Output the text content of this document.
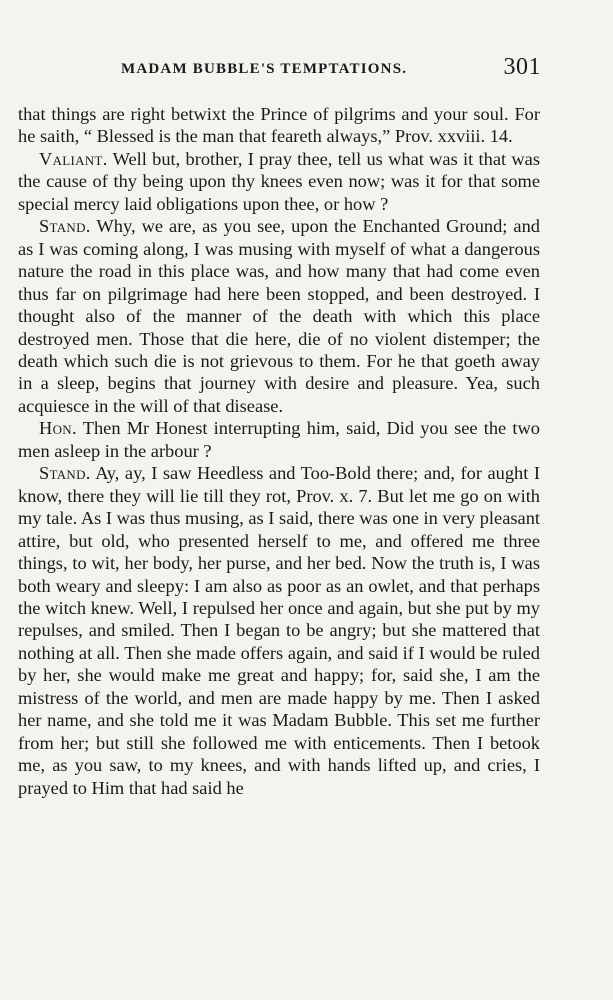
MADAM BUBBLE'S TEMPTATIONS.	301

that things are right betwixt the Prince of pilgrims and your soul. For he saith, “ Blessed is the man that feareth always,” Prov. xxviii. 14.

Valiant. Well but, brother, I pray thee, tell us what was it that was the cause of thy being upon thy knees even now; was it for that some special mercy laid obligations upon thee, or how ?

Stand. Why, we are, as you see, upon the Enchanted Ground; and as I was coming along, I was musing with myself of what a dangerous nature the road in this place was, and how many that had come even thus far on pilgrimage had here been stopped, and been destroyed. I thought also of the manner of the death with which this place destroyed men. Those that die here, die of no violent distemper; the death which such die is not grievous to them. For he that goeth away in a sleep, begins that journey with desire and pleasure. Yea, such acquiesce in the will of that disease.

Hon. Then Mr Honest interrupting him, said, Did you see the two men asleep in the arbour ?

Stand. Ay, ay, I saw Heedless and Too-Bold there; and, for aught I know, there they will lie till they rot, Prov. x. 7. But let me go on with my tale. As I was thus musing, as I said, there was one in very pleasant attire, but old, who presented herself to me, and offered me three things, to wit, her body, her purse, and her bed. Now the truth is, I was both weary and sleepy: I am also as poor as an owlet, and that perhaps the witch knew. Well, I repulsed her once and again, but she put by my repulses, and smiled. Then I began to be angry; but she mattered that nothing at all. Then she made offers again, and said if I would be ruled by her, she would make me great and happy; for, said she, I am the mistress of the world, and men are made happy by me. Then I asked her name, and she told me it was Madam Bubble. This set me further from her; but still she followed me with enticements. Then I betook me, as you saw, to my knees, and with hands lifted up, and cries, I prayed to Him that had said he
